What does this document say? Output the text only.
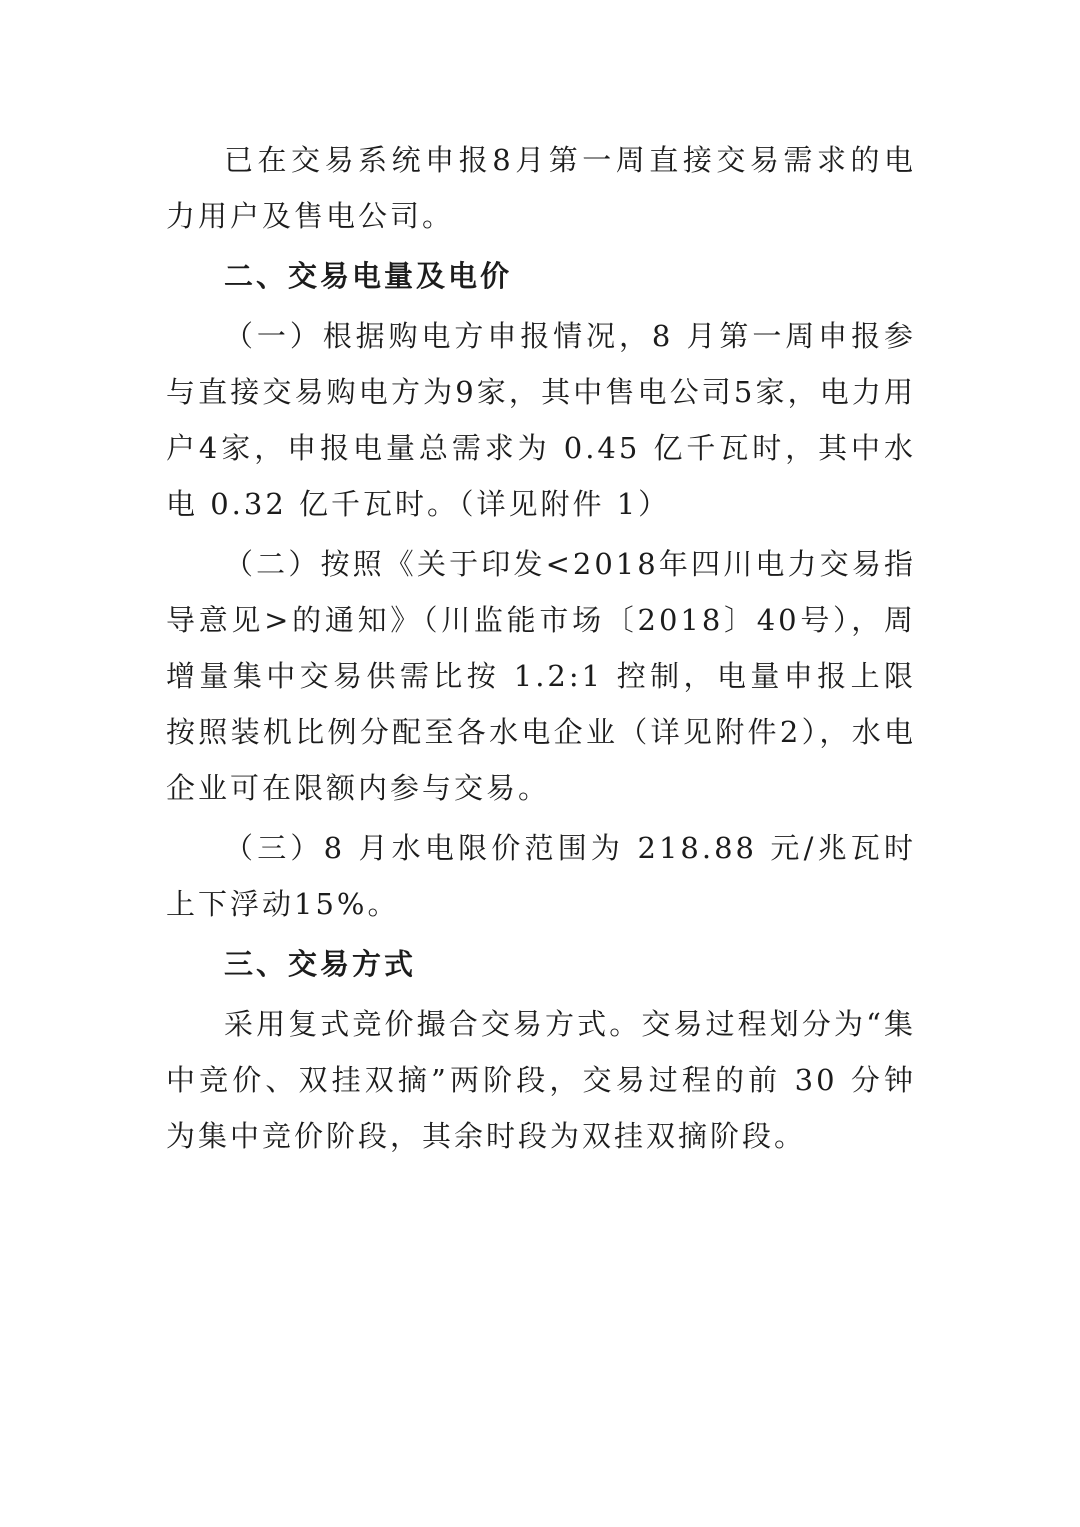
已在交易系统申报8月第一周直接交易需求的电力用户及售电公司。

二、交易电量及电价

（一）根据购电方申报情况，8 月第一周申报参与直接交易购电方为9家，其中售电公司5家，电力用户4家，申报电量总需求为 0.45 亿千瓦时，其中水电 0.32 亿千瓦时。（详见附件 1）

（二）按照《关于印发<2018年四川电力交易指导意见>的通知》（川监能市场〔2018〕40号），周增量集中交易供需比按 1.2:1 控制，电量申报上限按照装机比例分配至各水电企业（详见附件2），水电企业可在限额内参与交易。

（三）8 月水电限价范围为 218.88 元/兆瓦时上下浮动15%。

三、交易方式

采用复式竞价撮合交易方式。交易过程划分为“集中竞价、双挂双摘”两阶段，交易过程的前 30 分钟为集中竞价阶段，其余时段为双挂双摘阶段。
